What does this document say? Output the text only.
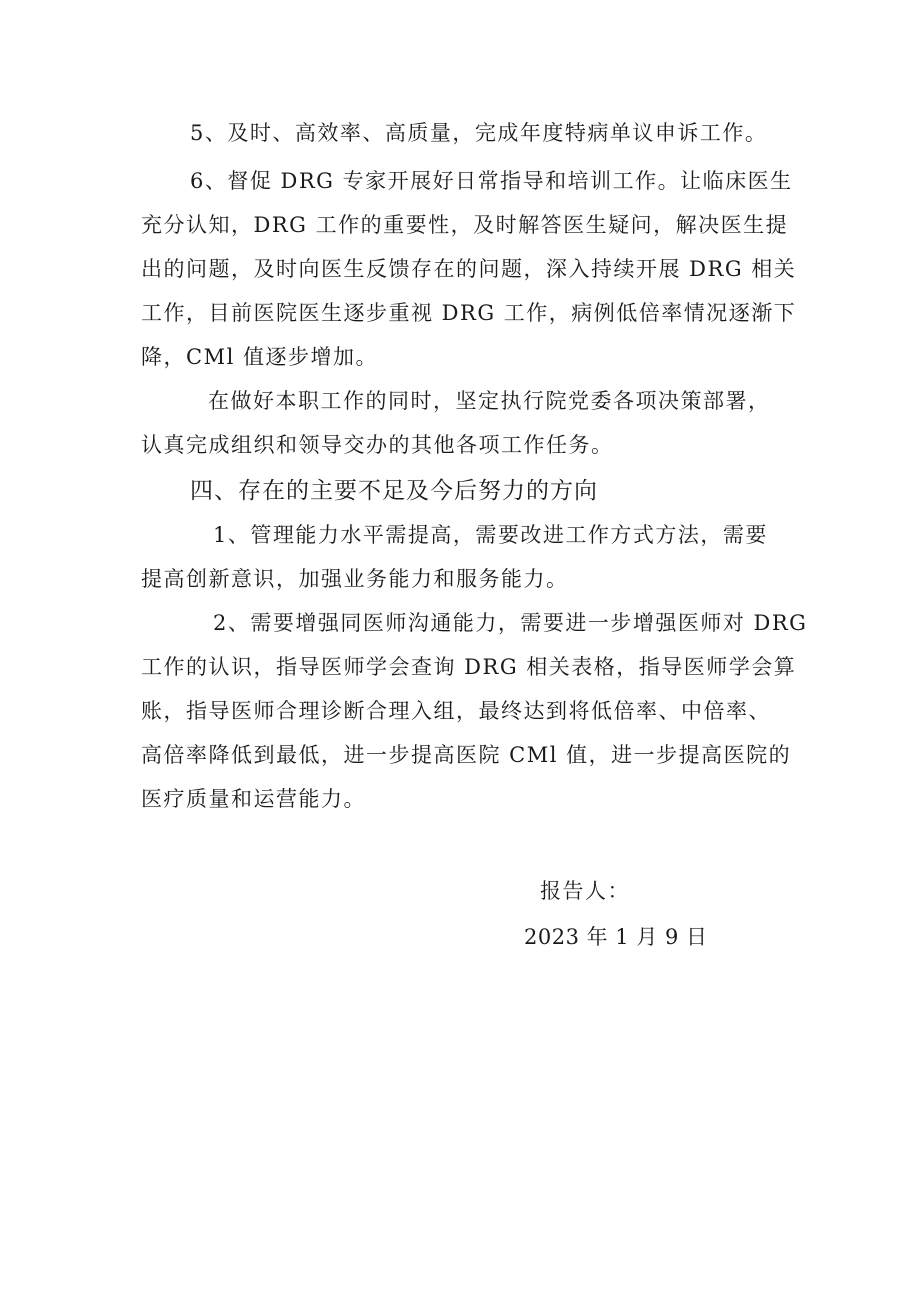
5、及时、高效率、高质量，完成年度特病单议申诉工作。
6、督促 DRG 专家开展好日常指导和培训工作。让临床医生
充分认知，DRG 工作的重要性，及时解答医生疑问，解决医生提
出的问题，及时向医生反馈存在的问题，深入持续开展 DRG 相关
工作，目前医院医生逐步重视 DRG 工作，病例低倍率情况逐渐下
降，CMl 值逐步增加。
在做好本职工作的同时，坚定执行院党委各项决策部署，
认真完成组织和领导交办的其他各项工作任务。
四、存在的主要不足及今后努力的方向
1、管理能力水平需提高，需要改进工作方式方法，需要
提高创新意识，加强业务能力和服务能力。
2、需要增强同医师沟通能力，需要进一步增强医师对 DRG
工作的认识，指导医师学会查询 DRG 相关表格，指导医师学会算
账，指导医师合理诊断合理入组，最终达到将低倍率、中倍率、
高倍率降低到最低，进一步提高医院 CMl 值，进一步提高医院的
医疗质量和运营能力。
报告人：
2023 年 1 月 9 日
